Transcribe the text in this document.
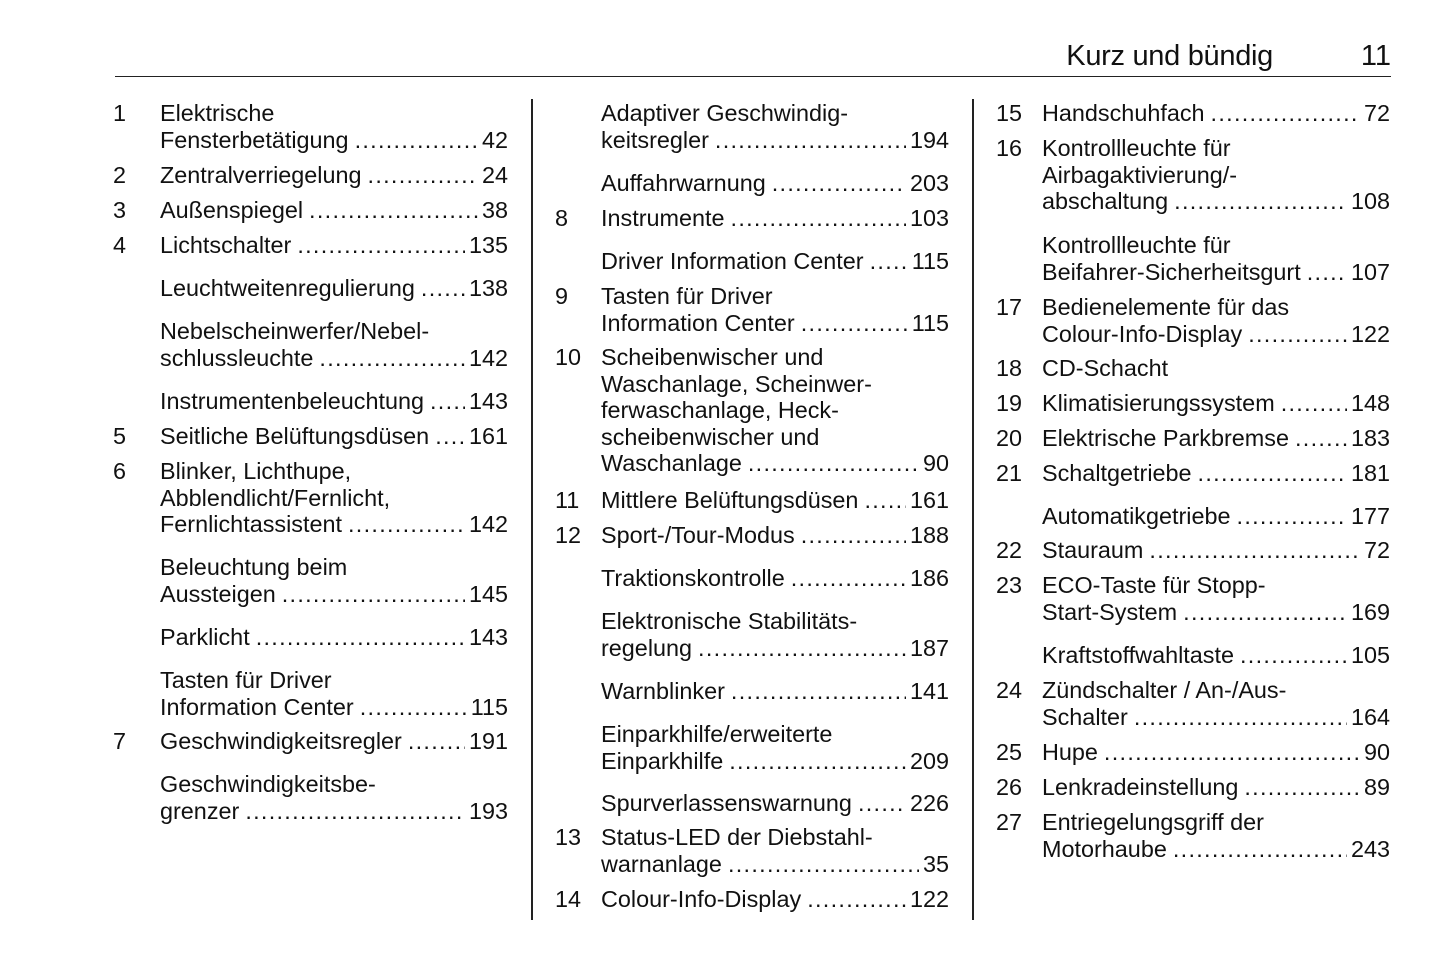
Kurz und bündig	11
1 Elektrische
Fensterbetätigung . . .	42
2 Zentralverriegelung . . .	24
3 Außenspiegel . . .	38
4 Lichtschalter . . .	135
Leuchtweitenregulierung . . . 138
Nebelscheinwerfer/Nebel-
schlussleuchte . . .	142
Instrumentenbeleuchtung . . . 143
5 Seitliche Belüftungsdüsen . . . 161
6 Blinker, Lichthupe,
Abblendlicht/Fernlicht,
Fernlichtassistent . . .	142
Beleuchtung beim
Aussteigen . . .	145
Parklicht . . .	143
Tasten für Driver
Information Center . . .	115
7 Geschwindigkeitsregler . . .	191
Geschwindigkeitsbe-
grenzer . . .	193
Adaptiver Geschwindig-
keitsregler . . .	194
Auffahrwarnung . . .	203
8 Instrumente . . .	103
Driver Information Center . . . 115
9 Tasten für Driver
Information Center . . .	115
10 Scheibenwischer und
Waschanlage, Scheinwer-
ferwaschanlage, Heck-
scheibenwischer und
Waschanlage . . .	90
11 Mittlere Belüftungsdüsen . . . 161
12 Sport-/Tour-Modus . . .	188
Traktionskontrolle . . .	186
Elektronische Stabilitäts-
regelung . . .	187
Warnblinker . . .	141
Einparkhilfe/erweiterte
Einparkhilfe . . .	209
Spurverlassenswarnung . . . 226
13 Status-LED der Diebstahl-
warnanlage . . .	35
14 Colour-Info-Display . . .	122
15 Handschuhfach . . .	72
16 Kontrollleuchte für
Airbagaktivierung/-
abschaltung . . .	108
Kontrollleuchte für
Beifahrer-Sicherheitsgurt . . . 107
17 Bedienelemente für das
Colour-Info-Display . . .	122
18 CD-Schacht
19 Klimatisierungssystem . . .	148
20 Elektrische Parkbremse . . .	183
21 Schaltgetriebe . . .	181
Automatikgetriebe . . .	177
22 Stauraum . . .	72
23 ECO-Taste für Stopp-
Start-System . . .	169
Kraftstoffwahltaste . . .	105
24 Zündschalter / An-/Aus-
Schalter . . .	164
25 Hupe . . .	90
26 Lenkradeinstellung . . .	89
27 Entriegelungsgriff der
Motorhaube . . .	243
